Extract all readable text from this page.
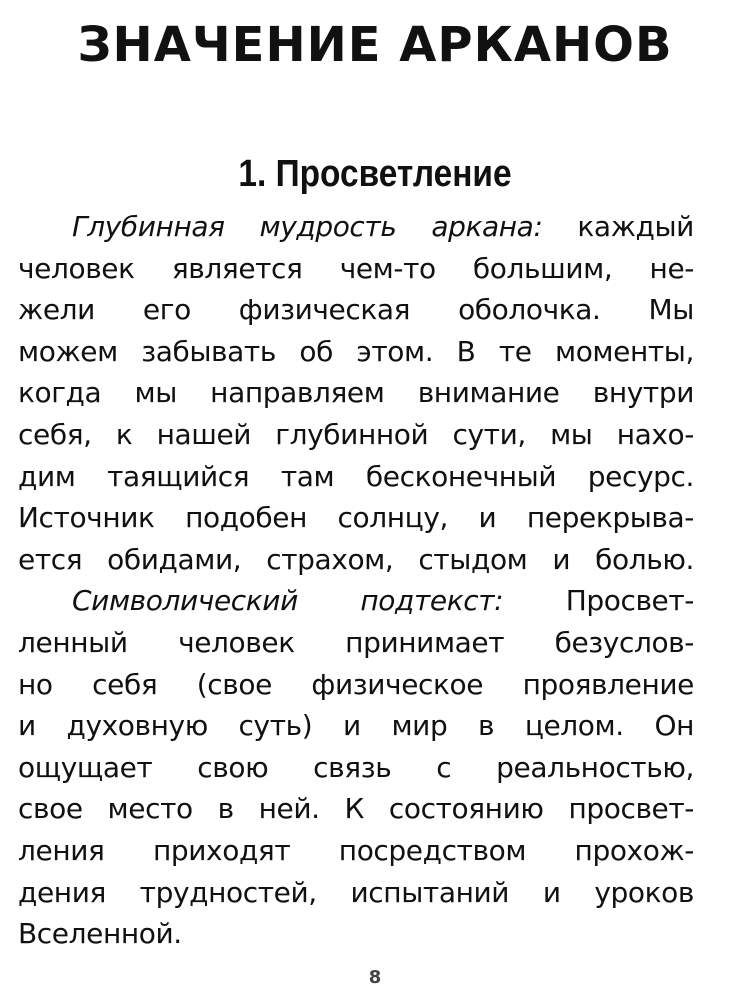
ЗНАЧЕНИЕ АРКАНОВ
1. Просветление
Глубинная мудрость аркана: каждый
человек является чем-то большим, не-
жели его физическая оболочка. Мы
можем забывать об этом. В те моменты,
когда мы направляем внимание внутри
себя, к нашей глубинной сути, мы нахо-
дим таящийся там бесконечный ресурс.
Источник подобен солнцу, и перекрыва-
ется обидами, страхом, стыдом и болью.
Символический подтекст: Просвет-
ленный человек принимает безуслов-
но себя (свое физическое проявление
и духовную суть) и мир в целом. Он
ощущает свою связь с реальностью,
свое место в ней. К состоянию просвет-
ления приходят посредством прохож-
дения трудностей, испытаний и уроков
Вселенной.
8
